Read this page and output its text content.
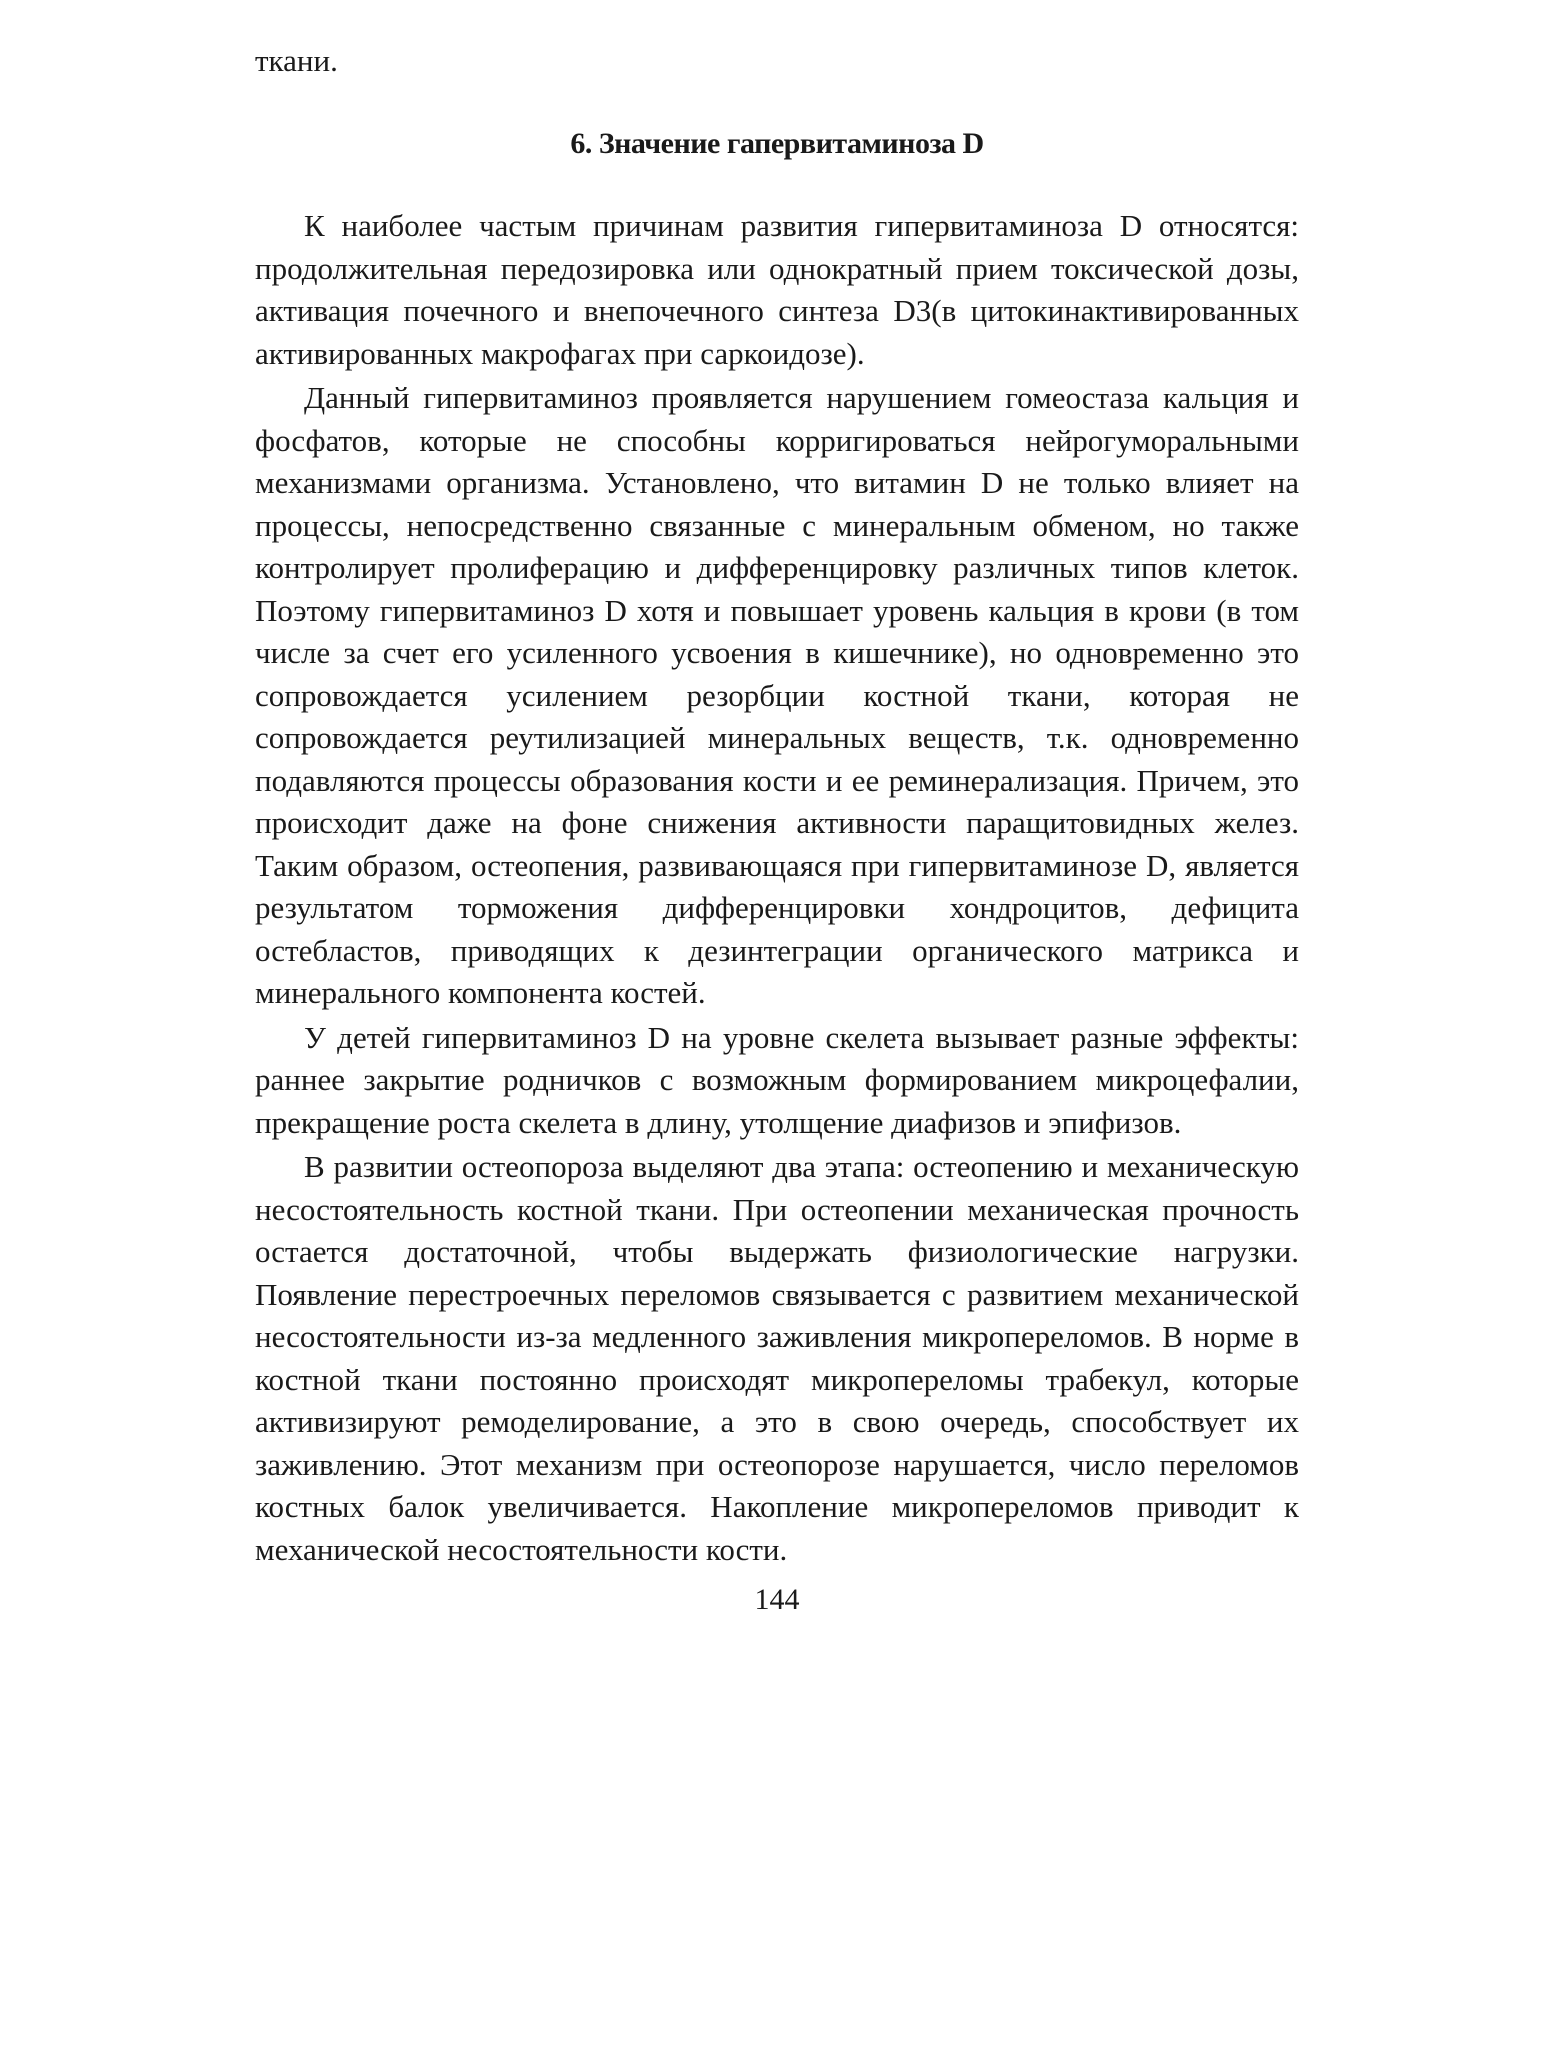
ткани.

6. Значение гапервитаминоза D

К наиболее частым причинам развития гипервитаминоза D относятся: продолжительная передозировка или однократный прием токсической дозы, активация почечного и внепочечного синтеза D3(в цитокинактивированных активированных макрофагах при саркоидозе).

Данный гипервитаминоз проявляется нарушением гомеостаза кальция и фосфатов, которые не способны корригироваться нейрогуморальными механизмами организма. Установлено, что витамин D не только влияет на процессы, непосредственно связанные с минеральным обменом, но также контролирует пролиферацию и дифференцировку различных типов клеток. Поэтому гипервитаминоз D хотя и повышает уровень кальция в крови (в том числе за счет его усиленного усвоения в кишечнике), но одновременно это сопровождается усилением резорбции костной ткани, которая не сопровождается реутилизацией минеральных веществ, т.к. одновременно подавляются процессы образования кости и ее реминерализация. Причем, это происходит даже на фоне снижения активности паращитовидных желез. Таким образом, остеопения, развивающаяся при гипервитаминозе D, является результатом торможения дифференцировки хондроцитов, дефицита остебластов, приводящих к дезинтеграции органического матрикса и минерального компонента костей.

У детей гипервитаминоз D на уровне скелета вызывает разные эффекты: раннее закрытие родничков с возможным формированием микроцефалии, прекращение роста скелета в длину, утолщение диафизов и эпифизов.

В развитии остеопороза выделяют два этапа: остеопению и механическую несостоятельность костной ткани. При остеопении механическая прочность остается достаточной, чтобы выдержать физиологические нагрузки. Появление перестроечных переломов связывается с развитием механической несостоятельности из-за медленного заживления микропереломов. В норме в костной ткани постоянно происходят микропереломы трабекул, которые активизируют ремоделирование, а это в свою очередь, способствует их заживлению. Этот механизм при остеопорозе нарушается, число переломов костных балок увеличивается. Накопление микропереломов приводит к механической несостоятельности кости.

144
